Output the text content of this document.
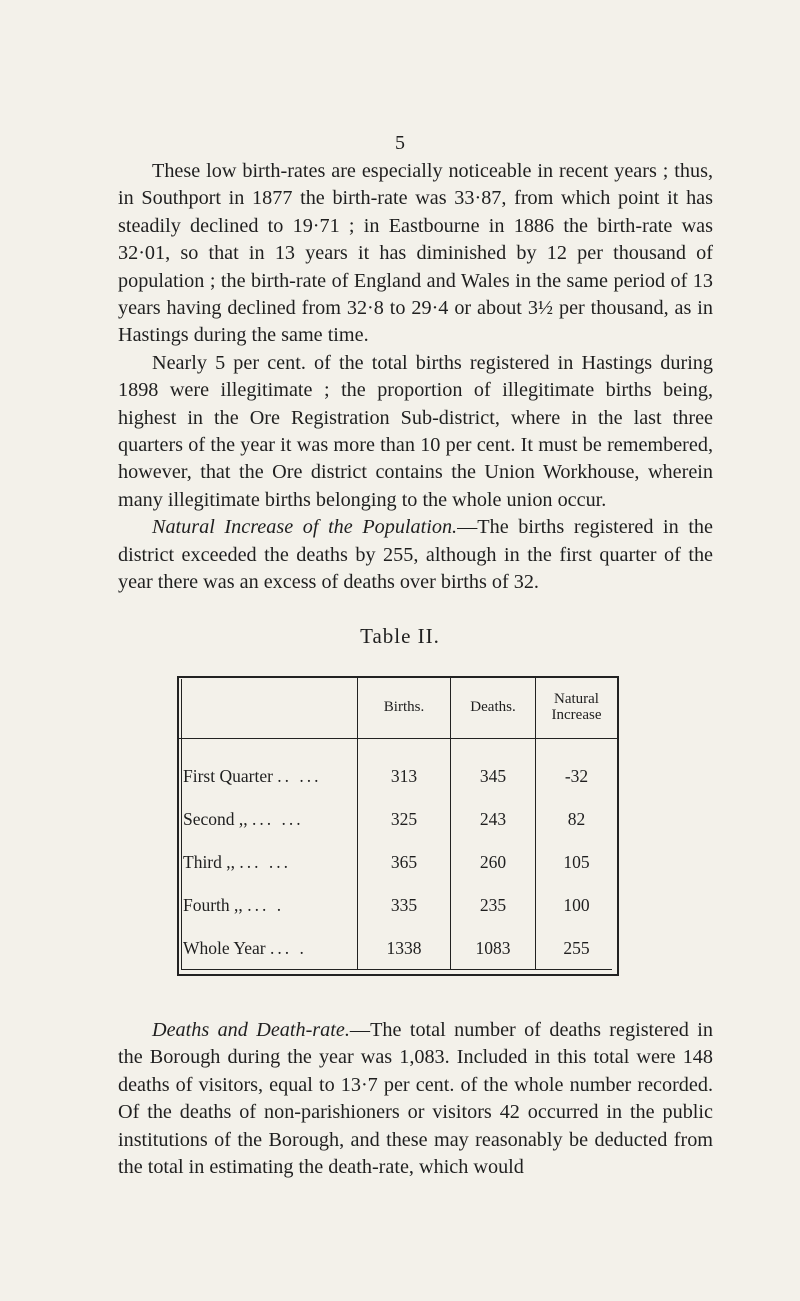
5

These low birth-rates are especially noticeable in recent years ; thus, in Southport in 1877 the birth-rate was 33·87, from which point it has steadily declined to 19·71 ; in Eastbourne in 1886 the birth-rate was 32·01, so that in 13 years it has diminished by 12 per thousand of population ; the birth-rate of England and Wales in the same period of 13 years having declined from 32·8 to 29·4 or about 3½ per thousand, as in Hastings during the same time.

Nearly 5 per cent. of the total births registered in Hastings during 1898 were illegitimate ; the proportion of illegitimate births being, highest in the Ore Registration Sub-district, where in the last three quarters of the year it was more than 10 per cent. It must be remembered, however, that the Ore district contains the Union Workhouse, wherein many illegitimate births belonging to the whole union occur.

Natural Increase of the Population.—The births registered in the district exceeded the deaths by 255, although in the first quarter of the year there was an excess of deaths over births of 32.

Table II.
	Births.	Deaths.	Natural Increase

First Quarter .. ...	313	345	-32
Second ,, ... ...	325	243	82
Third ,, ... ...	365	260	105
Fourth ,, ... .	335	235	100
Whole Year ... .	1338	1083	255

Deaths and Death-rate.—The total number of deaths registered in the Borough during the year was 1,083. Included in this total were 148 deaths of visitors, equal to 13·7 per cent. of the whole number recorded. Of the deaths of non-parishioners or visitors 42 occurred in the public institutions of the Borough, and these may reasonably be deducted from the total in estimating the death-rate, which would
